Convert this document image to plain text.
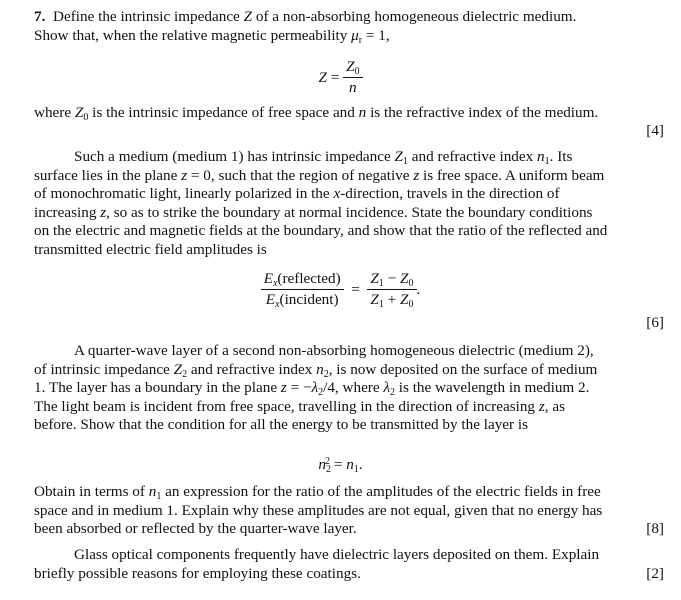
7.  Define the intrinsic impedance Z of a non-absorbing homogeneous dielectric medium. Show that, when the relative magnetic permeability $\mu_r = 1$,

$Z = \frac{Z_0}{n}$

where $Z_0$ is the intrinsic impedance of free space and n is the refractive index of the medium.

[4]

Such a medium (medium 1) has intrinsic impedance $Z_1$ and refractive index $n_1$. Its surface lies in the plane z = 0, such that the region of negative z is free space. A uniform beam of monochromatic light, linearly polarized in the x-direction, travels in the direction of increasing z, so as to strike the boundary at normal incidence. State the boundary conditions on the electric and magnetic fields at the boundary, and show that the ratio of the reflected and transmitted electric field amplitudes is

$\frac{E_x(reflected)}{E_x(incident)} = \frac{Z_1 - Z_0}{Z_1 + Z_0}$ .
[6]

A quarter-wave layer of a second non-absorbing homogeneous dielectric (medium 2), of intrinsic impedance $Z_2$ and refractive index $n_2$, is now deposited on the surface of medium 1. The layer has a boundary in the plane $z = -\lambda_2/4$, where $\lambda_2$ is the wavelength in medium 2. The light beam is incident from free space, travelling in the direction of increasing z, as before. Show that the condition for all the energy to be transmitted by the layer is

$n_2^2 = n_1$.

Obtain in terms of $n_1$ an expression for the ratio of the amplitudes of the electric fields in free space and in medium 1. Explain why these amplitudes are not equal, given that no energy has been absorbed or reflected by the quarter-wave layer.	[8]

Glass optical components frequently have dielectric layers deposited on them. Explain briefly possible reasons for employing these coatings.	[2]
